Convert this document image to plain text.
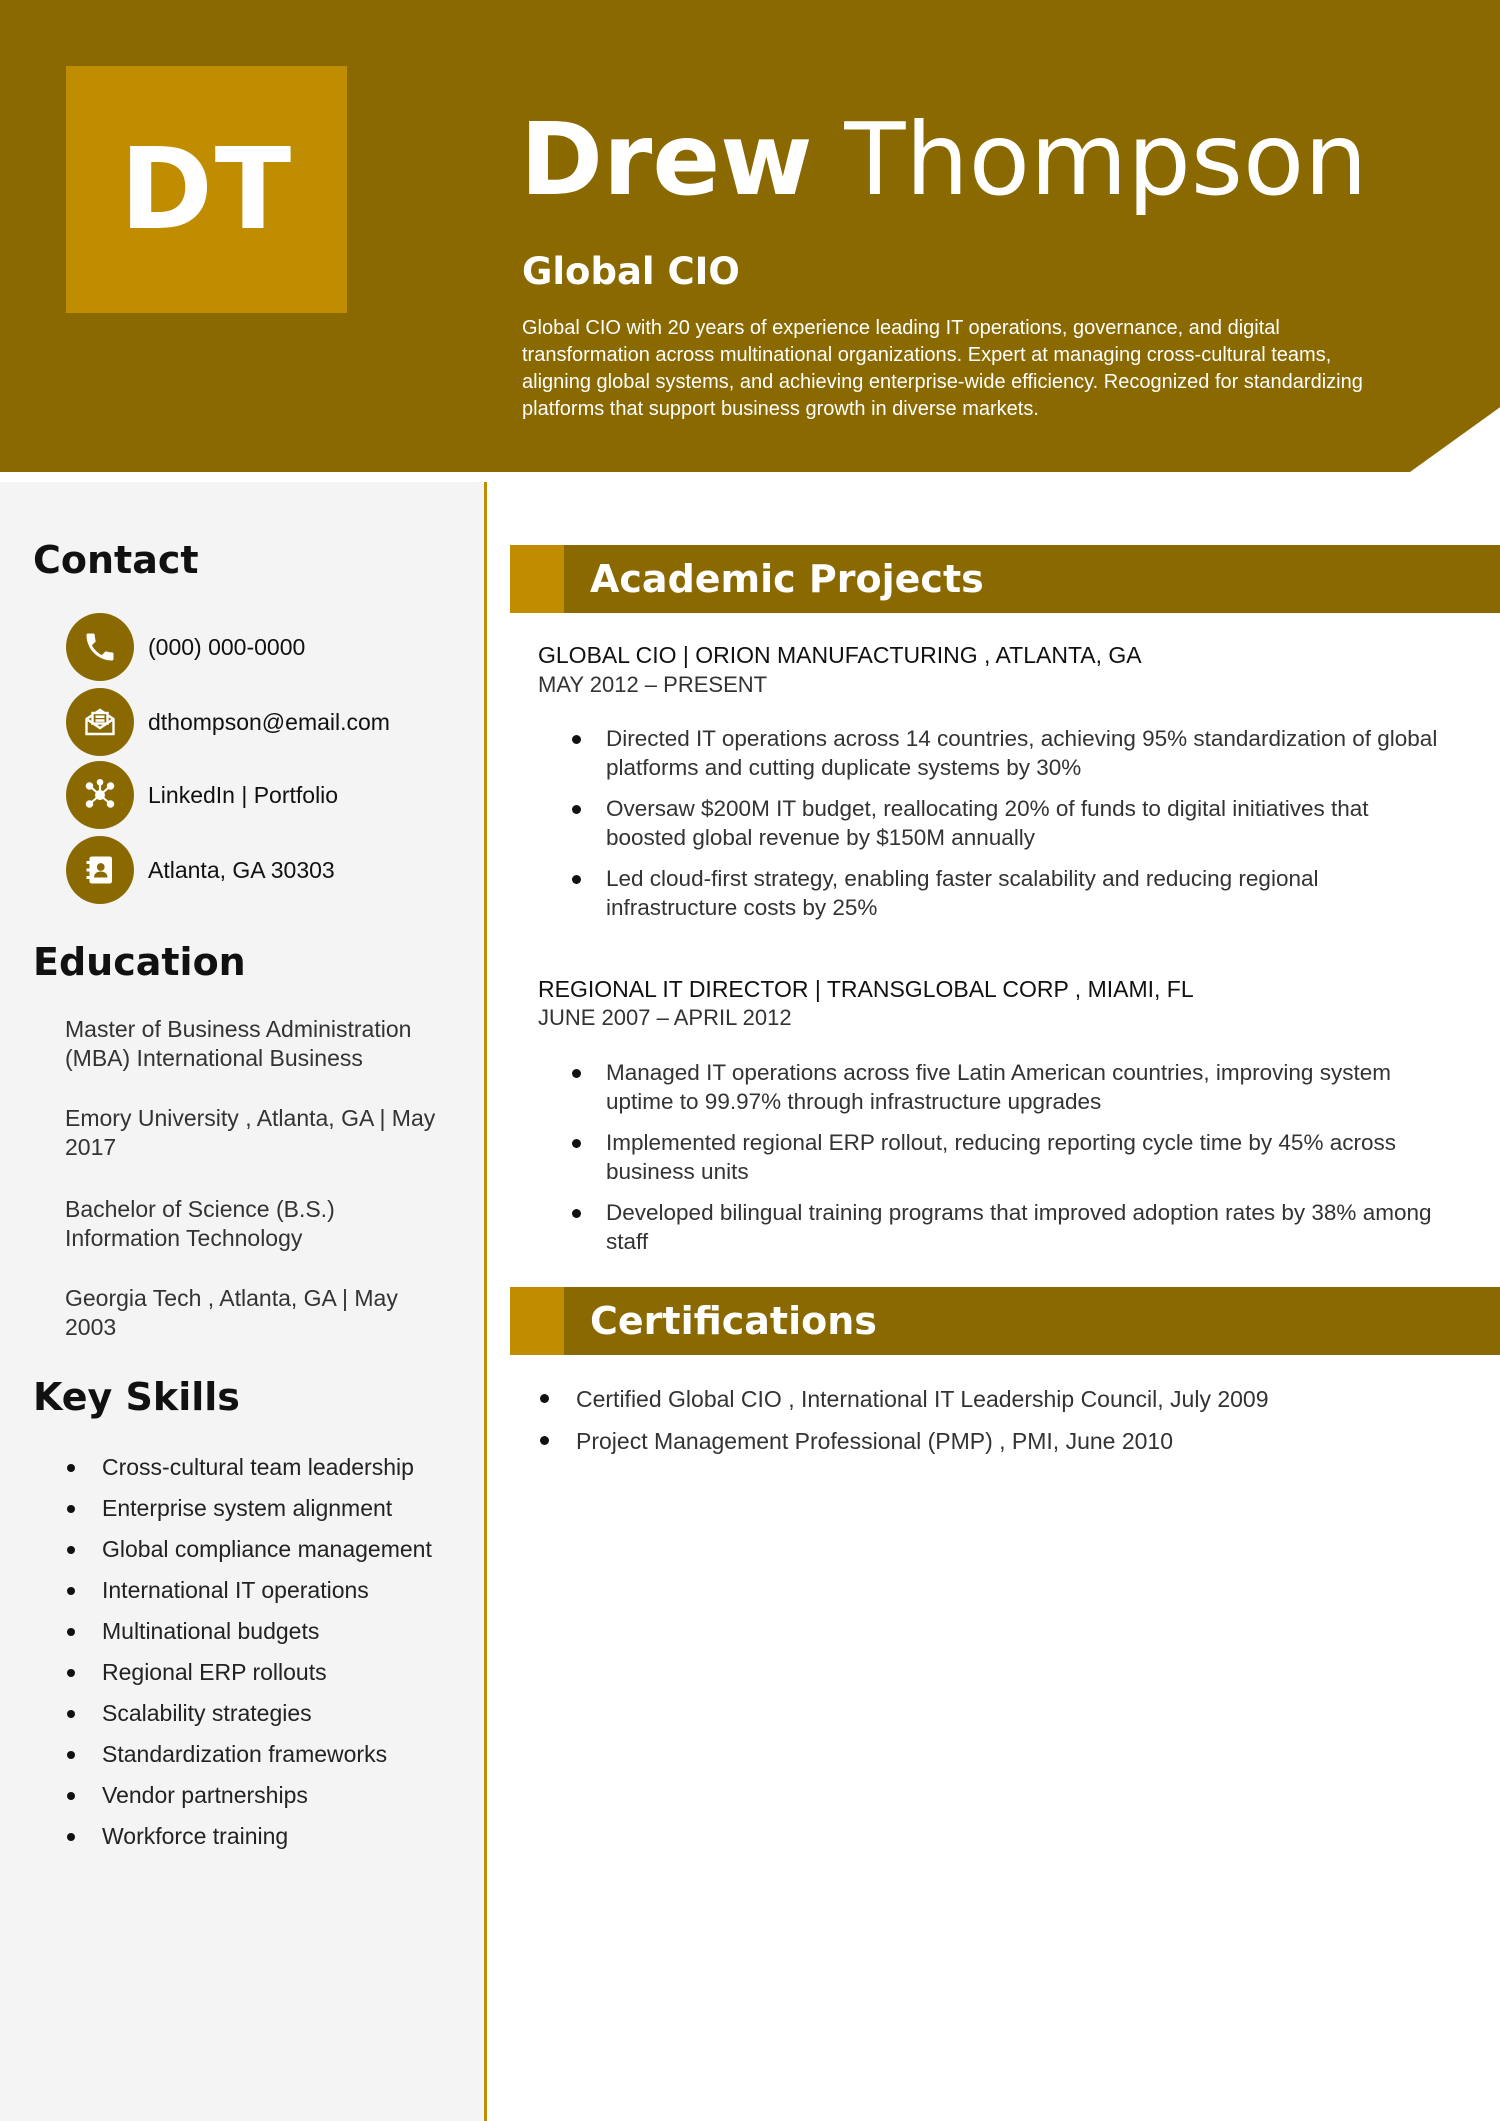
DT	Drew Thompson
Global CIO
Global CIO with 20 years of experience leading IT operations, governance, and digital transformation across multinational organizations. Expert at managing cross-cultural teams, aligning global systems, and achieving enterprise-wide efficiency. Recognized for standardizing platforms that support business growth in diverse markets.
Contact
(000) 000-0000
dthompson@email.com
LinkedIn | Portfolio
Atlanta, GA 30303
Education
Master of Business Administration (MBA) International Business
Emory University , Atlanta, GA | May 2017
Bachelor of Science (B.S.) Information Technology
Georgia Tech , Atlanta, GA | May 2003
Key Skills
Cross-cultural team leadership
Enterprise system alignment
Global compliance management
International IT operations
Multinational budgets
Regional ERP rollouts
Scalability strategies
Standardization frameworks
Vendor partnerships
Workforce training
Academic Projects
GLOBAL CIO | ORION MANUFACTURING , ATLANTA, GA
MAY 2012 – PRESENT
Directed IT operations across 14 countries, achieving 95% standardization of global platforms and cutting duplicate systems by 30%
Oversaw $200M IT budget, reallocating 20% of funds to digital initiatives that boosted global revenue by $150M annually
Led cloud-first strategy, enabling faster scalability and reducing regional infrastructure costs by 25%
REGIONAL IT DIRECTOR | TRANSGLOBAL CORP , MIAMI, FL
JUNE 2007 – APRIL 2012
Managed IT operations across five Latin American countries, improving system uptime to 99.97% through infrastructure upgrades
Implemented regional ERP rollout, reducing reporting cycle time by 45% across business units
Developed bilingual training programs that improved adoption rates by 38% among staff
Certifications
Certified Global CIO , International IT Leadership Council, July 2009
Project Management Professional (PMP) , PMI, June 2010
